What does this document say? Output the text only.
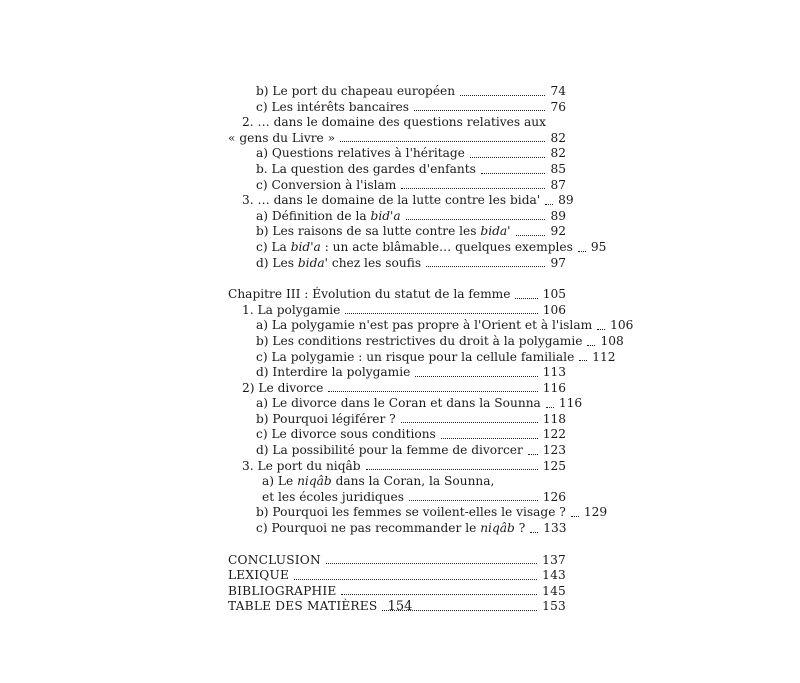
b) Le port du chapeau européen	74
c) Les intérêts bancaires	76
2. … dans le domaine des questions relatives aux
« gens du Livre »	82
a) Questions relatives à l'héritage	82
b. La question des gardes d'enfants	85
c) Conversion à l'islam	87
3. … dans le domaine de la lutte contre les bida' 89
a) Définition de la bid'a	89
b) Les raisons de sa lutte contre les bida'	92
c) La bid'a : un acte blâmable… quelques exemples 95
d) Les bida' chez les soufis	97
Chapitre III : Évolution du statut de la femme	105
1. La polygamie	106
a) La polygamie n'est pas propre à l'Orient et à l'islam 106
b) Les conditions restrictives du droit à la polygamie 108
c) La polygamie : un risque pour la cellule familiale 112
d) Interdire la polygamie	113
2) Le divorce	116
a) Le divorce dans le Coran et dans la Sounna 116
b) Pourquoi légiférer ?	118
c) Le divorce sous conditions	122
d) La possibilité pour la femme de divorcer 123
3. Le port du niqâb	125
a) Le niqâb dans la Coran, la Sounna,
et les écoles juridiques	126
b) Pourquoi les femmes se voilent-elles le visage ? 129
c) Pourquoi ne pas recommander le niqâb ? 133
CONCLUSION	137
LEXIQUE	143
BIBLIOGRAPHIE	145
TABLE DES MATIÈRES	153
154
